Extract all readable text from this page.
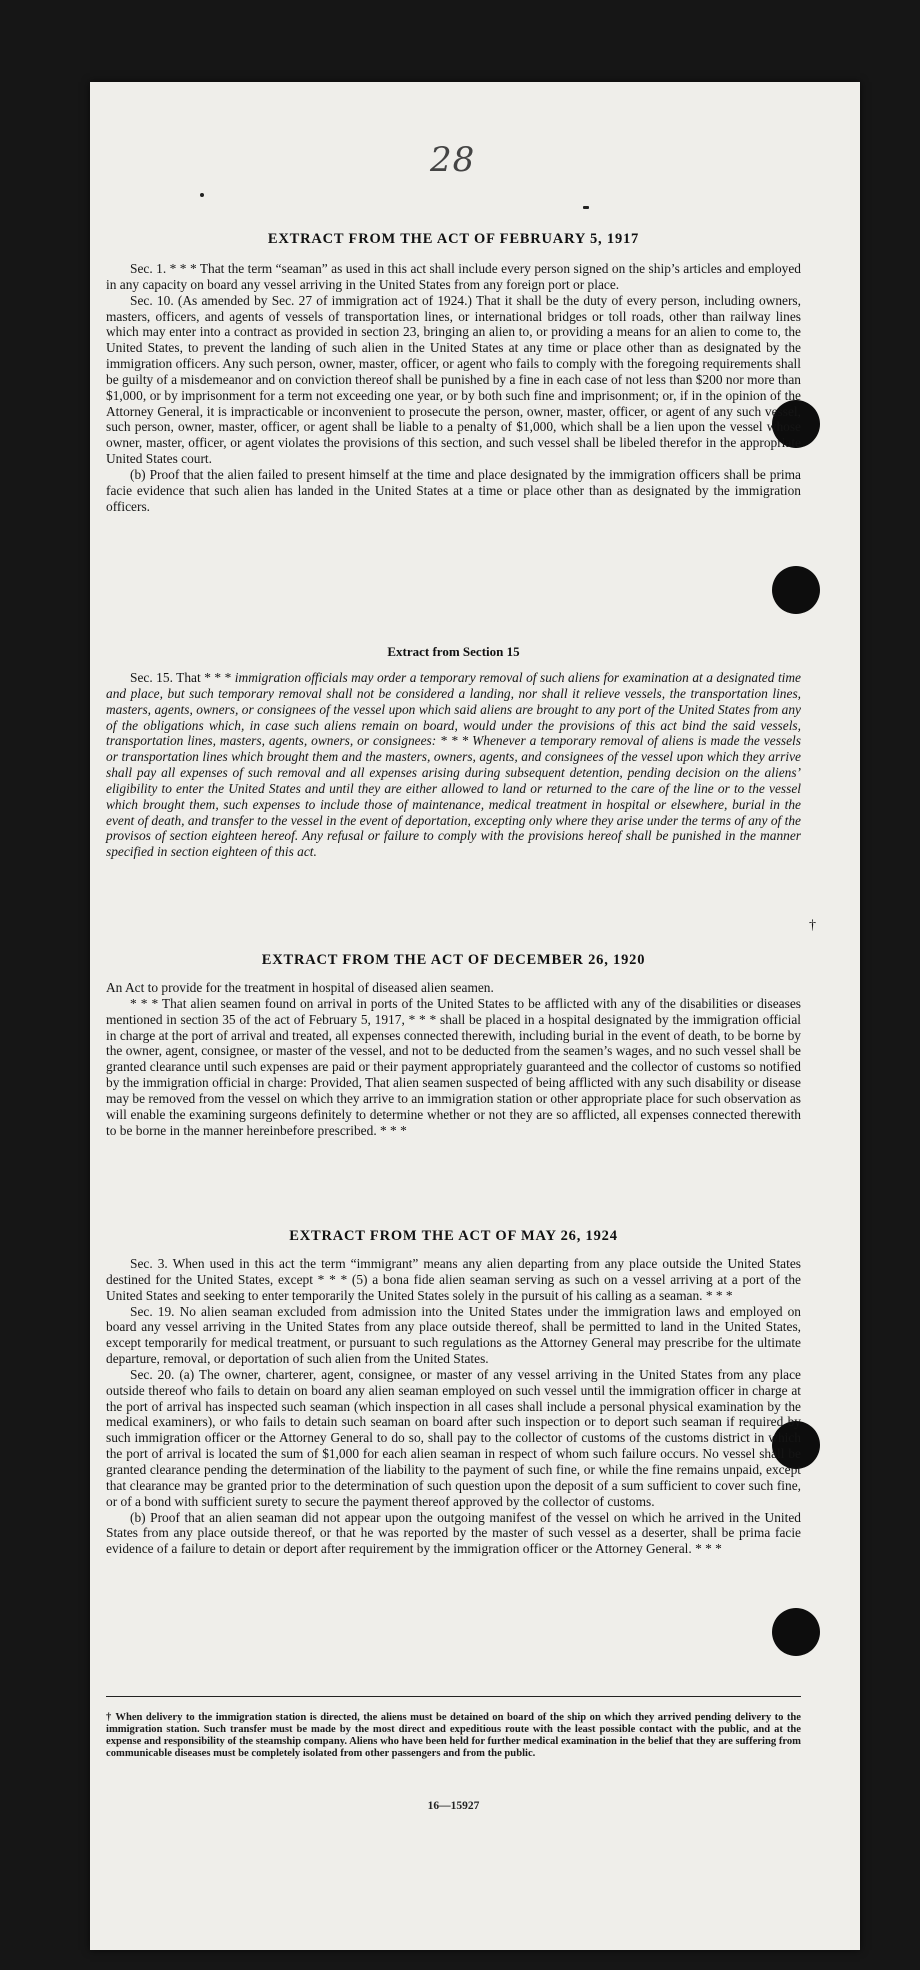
28
EXTRACT FROM THE ACT OF FEBRUARY 5, 1917

Sec. 1. * * * That the term “seaman” as used in this act shall include every person signed on the ship’s articles and employed in any capacity on board any vessel arriving in the United States from any foreign port or place.

Sec. 10. (As amended by Sec. 27 of immigration act of 1924.) That it shall be the duty of every person, including owners, masters, officers, and agents of vessels of transportation lines, or international bridges or toll roads, other than railway lines which may enter into a contract as provided in section 23, bringing an alien to, or providing a means for an alien to come to, the United States, to prevent the landing of such alien in the United States at any time or place other than as designated by the immigration officers. Any such person, owner, master, officer, or agent who fails to comply with the foregoing requirements shall be guilty of a misdemeanor and on conviction thereof shall be punished by a fine in each case of not less than $200 nor more than $1,000, or by imprisonment for a term not exceeding one year, or by both such fine and imprisonment; or, if in the opinion of the Attorney General, it is impracticable or inconvenient to prosecute the person, owner, master, officer, or agent of any such vessel, such person, owner, master, officer, or agent shall be liable to a penalty of $1,000, which shall be a lien upon the vessel whose owner, master, officer, or agent violates the provisions of this section, and such vessel shall be libeled therefor in the appropriate United States court.

(b) Proof that the alien failed to present himself at the time and place designated by the immigration officers shall be prima facie evidence that such alien has landed in the United States at a time or place other than as designated by the immigration officers.

Extract from Section 15

Sec. 15. That * * * immigration officials may order a temporary removal of such aliens for examination at a designated time and place, but such temporary removal shall not be considered a landing, nor shall it relieve vessels, the transportation lines, masters, agents, owners, or consignees of the vessel upon which said aliens are brought to any port of the United States from any of the obligations which, in case such aliens remain on board, would under the provisions of this act bind the said vessels, transportation lines, masters, agents, owners, or consignees: * * * Whenever a temporary removal of aliens is made the vessels or transportation lines which brought them and the masters, owners, agents, and consignees of the vessel upon which they arrive shall pay all expenses of such removal and all expenses arising during subsequent detention, pending decision on the aliens’ eligibility to enter the United States and until they are either allowed to land or returned to the care of the line or to the vessel which brought them, such expenses to include those of maintenance, medical treatment in hospital or elsewhere, burial in the event of death, and transfer to the vessel in the event of deportation, excepting only where they arise under the terms of any of the provisos of section eighteen hereof. Any refusal or failure to comply with the provisions hereof shall be punished in the manner specified in section eighteen of this act.

†
EXTRACT FROM THE ACT OF DECEMBER 26, 1920

An Act to provide for the treatment in hospital of diseased alien seamen.

* * * That alien seamen found on arrival in ports of the United States to be afflicted with any of the disabilities or diseases mentioned in section 35 of the act of February 5, 1917, * * * shall be placed in a hospital designated by the immigration official in charge at the port of arrival and treated, all expenses connected therewith, including burial in the event of death, to be borne by the owner, agent, consignee, or master of the vessel, and not to be deducted from the seamen’s wages, and no such vessel shall be granted clearance until such expenses are paid or their payment appropriately guaranteed and the collector of customs so notified by the immigration official in charge: Provided, That alien seamen suspected of being afflicted with any such disability or disease may be removed from the vessel on which they arrive to an immigration station or other appropriate place for such observation as will enable the examining surgeons definitely to determine whether or not they are so afflicted, all expenses connected therewith to be borne in the manner hereinbefore prescribed. * * *

EXTRACT FROM THE ACT OF MAY 26, 1924

Sec. 3. When used in this act the term “immigrant” means any alien departing from any place outside the United States destined for the United States, except * * * (5) a bona fide alien seaman serving as such on a vessel arriving at a port of the United States and seeking to enter temporarily the United States solely in the pursuit of his calling as a seaman. * * *

Sec. 19. No alien seaman excluded from admission into the United States under the immigration laws and employed on board any vessel arriving in the United States from any place outside thereof, shall be permitted to land in the United States, except temporarily for medical treatment, or pursuant to such regulations as the Attorney General may prescribe for the ultimate departure, removal, or deportation of such alien from the United States.

Sec. 20. (a) The owner, charterer, agent, consignee, or master of any vessel arriving in the United States from any place outside thereof who fails to detain on board any alien seaman employed on such vessel until the immigration officer in charge at the port of arrival has inspected such seaman (which inspection in all cases shall include a personal physical examination by the medical examiners), or who fails to detain such seaman on board after such inspection or to deport such seaman if required by such immigration officer or the Attorney General to do so, shall pay to the collector of customs of the customs district in which the port of arrival is located the sum of $1,000 for each alien seaman in respect of whom such failure occurs. No vessel shall be granted clearance pending the determination of the liability to the payment of such fine, or while the fine remains unpaid, except that clearance may be granted prior to the determination of such question upon the deposit of a sum sufficient to cover such fine, or of a bond with sufficient surety to secure the payment thereof approved by the collector of customs.

(b) Proof that an alien seaman did not appear upon the outgoing manifest of the vessel on which he arrived in the United States from any place outside thereof, or that he was reported by the master of such vessel as a deserter, shall be prima facie evidence of a failure to detain or deport after requirement by the immigration officer or the Attorney General. * * *

† When delivery to the immigration station is directed, the aliens must be detained on board of the ship on which they arrived pending delivery to the immigration station. Such transfer must be made by the most direct and expeditious route with the least possible contact with the public, and at the expense and responsibility of the steamship company. Aliens who have been held for further medical examination in the belief that they are suffering from communicable diseases must be completely isolated from other passengers and from the public.
16—15927
